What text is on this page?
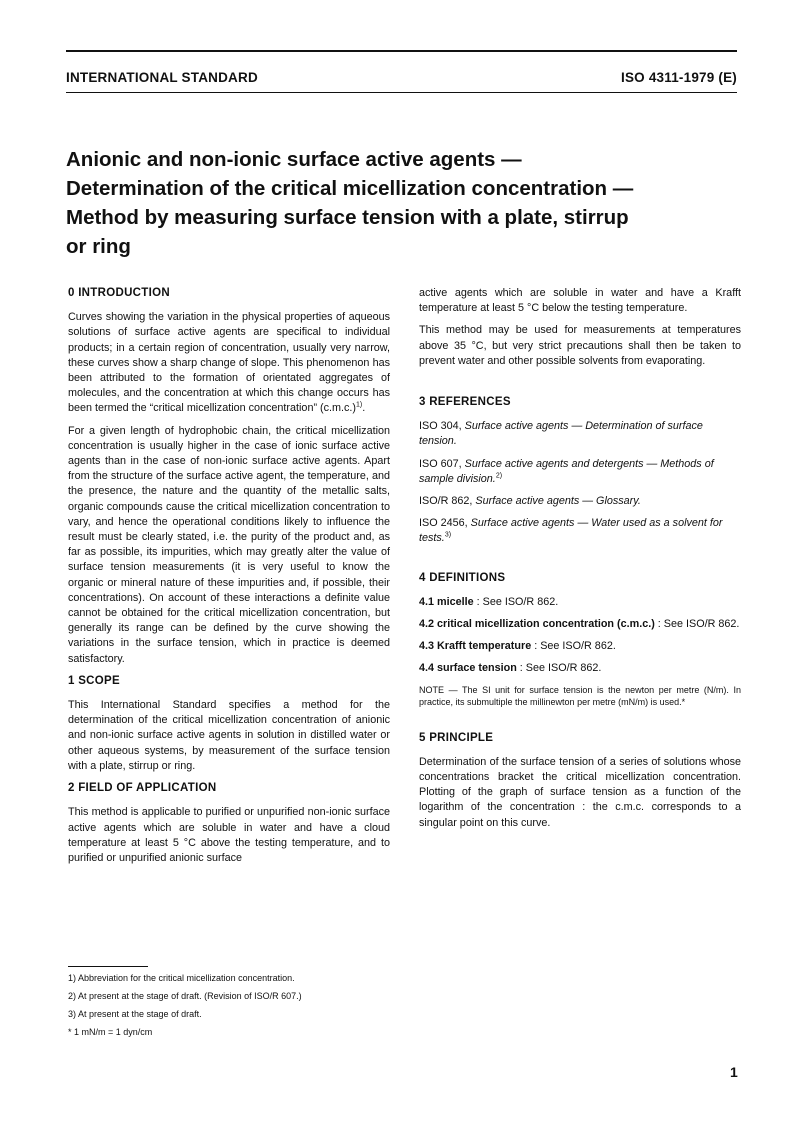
INTERNATIONAL STANDARD	ISO 4311-1979 (E)
Anionic and non-ionic surface active agents —
Determination of the critical micellization concentration —
Method by measuring surface tension with a plate, stirrup
or ring
0 INTRODUCTION

Curves showing the variation in the physical properties of aqueous solutions of surface active agents are specifical to individual products; in a certain region of concentration, usually very narrow, these curves show a sharp change of slope. This phenomenon has been attributed to the formation of orientated aggregates of molecules, and the concentration at which this change occurs has been termed the “critical micellization concentration” $(c.m.c.)^{1)}$.

For a given length of hydrophobic chain, the critical micellization concentration is usually higher in the case of ionic surface active agents than in the case of non-ionic surface active agents. Apart from the structure of the surface active agent, the temperature, and the presence, the nature and the quantity of the metallic salts, organic compounds cause the critical micellization concentration to vary, and hence the operational conditions likely to influence the result must be clearly stated, i.e. the purity of the product and, as far as possible, its impurities, which may greatly alter the value of surface tension measurements (it is very useful to know the organic or mineral nature of these impurities and, if possible, their concentrations). On account of these interactions a definite value cannot be obtained for the critical micellization concentration, but generally its range can be defined by the curve showing the variations in the surface tension, which in practice is deemed satisfactory.

1 SCOPE

This International Standard specifies a method for the determination of the critical micellization concentration of anionic and non-ionic surface active agents in solution in distilled water or other aqueous systems, by measurement of the surface tension with a plate, stirrup or ring.

2 FIELD OF APPLICATION

This method is applicable to purified or unpurified non-ionic surface active agents which are soluble in water and have a cloud temperature at least 5 °C above the testing temperature, and to purified or unpurified anionic surface

active agents which are soluble in water and have a Krafft temperature at least 5 °C below the testing temperature.

This method may be used for measurements at temperatures above 35 °C, but very strict precautions shall then be taken to prevent water and other possible solvents from evaporating.

3 REFERENCES

ISO 304, Surface active agents — Determination of surface tension.

ISO 607, Surface active agents and detergents — Methods of sample division.$^{2)}$

ISO/R 862, Surface active agents — Glossary.

ISO 2456, Surface active agents — Water used as a solvent for tests.$^{3)}$

4 DEFINITIONS

4.1 micelle : See ISO/R 862.

4.2 critical micellization concentration (c.m.c.) : See ISO/R 862.

4.3 Krafft temperature : See ISO/R 862.

4.4 surface tension : See ISO/R 862.

NOTE — The SI unit for surface tension is the newton per metre (N/m). In practice, its submultiple the millinewton per metre (mN/m) is used.*

5 PRINCIPLE

Determination of the surface tension of a series of solutions whose concentrations bracket the critical micellization concentration. Plotting of the graph of surface tension as a function of the logarithm of the concentration : the c.m.c. corresponds to a singular point on this curve.

1) Abbreviation for the critical micellization concentration.
2) At present at the stage of draft. (Revision of ISO/R 607.)
3) At present at the stage of draft.
* 1 mN/m = 1 dyn/cm
1
